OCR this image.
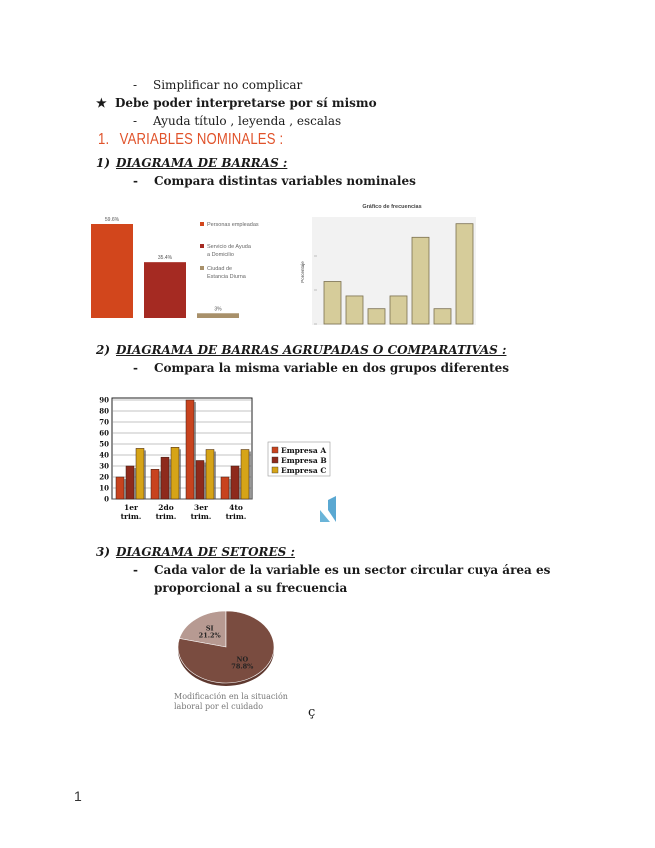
- Simplificar no complicar
★ Debe poder interpretarse por sí mismo
- Ayuda título , leyenda , escalas
1. VARIABLES NOMINALES :
1) DIAGRAMA DE BARRAS :
- Compara distintas variables nominales
59.6%
35.4%
3%
Personas empleadas
Servicio de Ayuda
a Domicilio
Ciudad de
Estancia Diurna
Gráfico de frecuencias
Porcentaje
2) DIAGRAMA DE BARRAS AGRUPADAS O COMPARATIVAS :
- Compara la misma variable en dos grupos diferentes
0
10
20
30
40
50
60
70
80
90
1er
trim.
2do
trim.
3er
trim.
4to
trim.
Empresa A
Empresa B
Empresa C
3) DIAGRAMA DE SETORES :
- Cada valor de la variable es un sector circular cuya área es
proporcional a su frecuencia
SI
21.2%
NO
78.8%
Modificación en la situación
laboral por el cuidado	ç
1
